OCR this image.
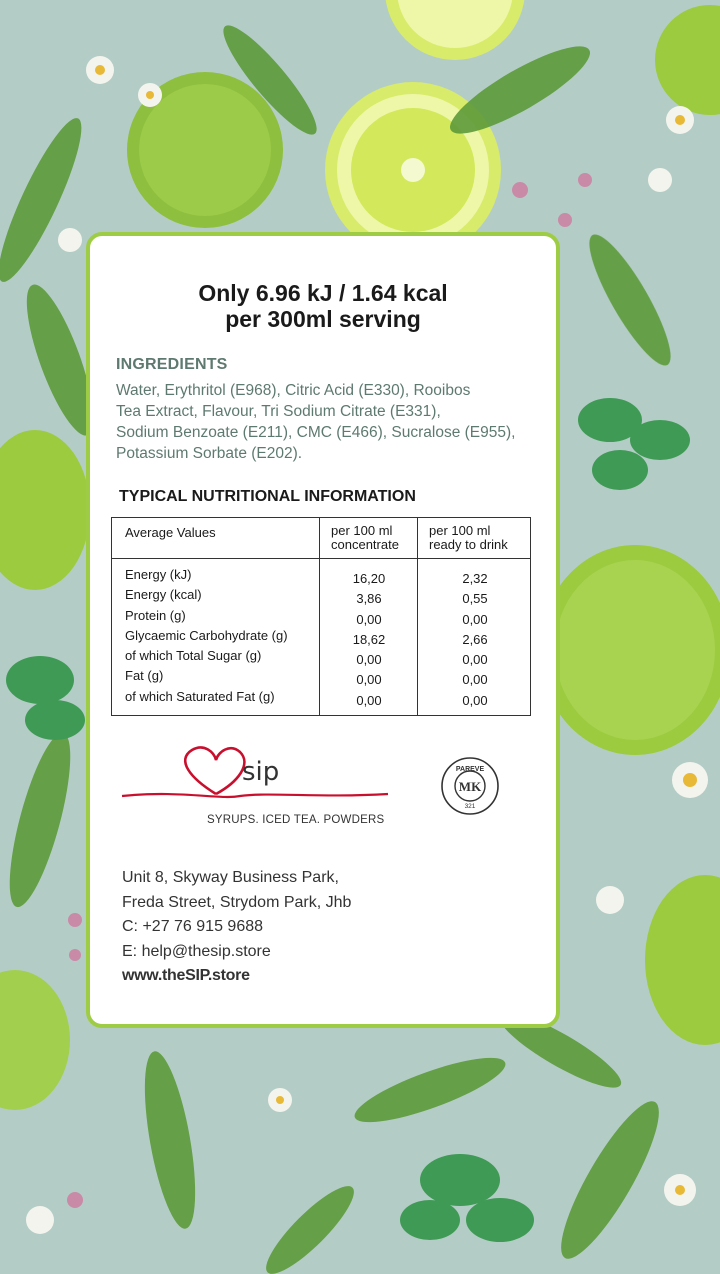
Only 6.96 kJ / 1.64 kcal
per 300ml serving
INGREDIENTS
Water, Erythritol (E968), Citric Acid (E330), Rooibos
Tea Extract, Flavour, Tri Sodium Citrate (E331),
Sodium Benzoate (E211), CMC (E466), Sucralose (E955),
Potassium Sorbate (E202).
TYPICAL NUTRITIONAL INFORMATION
Average Values	per 100 ml
concentrate
per 100 ml
ready to drink
Energy (kJ)
Energy (kcal)
Protein (g)
Glycaemic Carbohydrate (g)
of which Total Sugar (g)
Fat (g)
of which Saturated Fat (g)
16,20
3,86
0,00
18,62
0,00
0,00
0,00
2,32
0,55
0,00
2,66
0,00
0,00
0,00
sip
SYRUPS. ICED TEA. POWDERS
PAREVE
MK
321
Unit 8, Skyway Business Park,
Freda Street, Strydom Park, Jhb
C: +27 76 915 9688
E: help@thesip.store
www.theSIP.store
